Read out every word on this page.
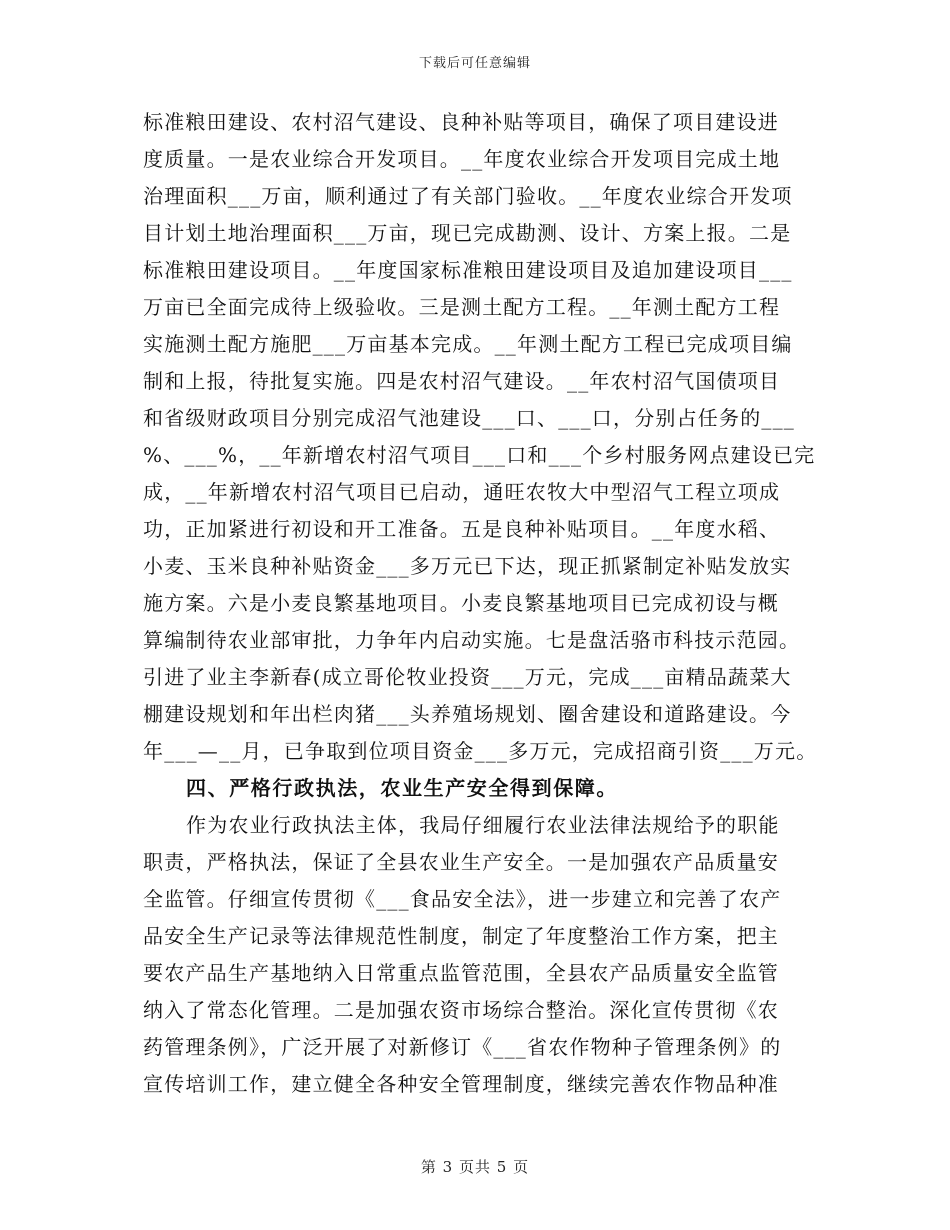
下载后可任意编辑
标准粮田建设、农村沼气建设、良种补贴等项目，确保了项目建设进
度质量。一是农业综合开发项目。__年度农业综合开发项目完成土地
治理面积___万亩，顺利通过了有关部门验收。__年度农业综合开发项
目计划土地治理面积___万亩，现已完成勘测、设计、方案上报。二是
标准粮田建设项目。__年度国家标准粮田建设项目及追加建设项目___
万亩已全面完成待上级验收。三是测土配方工程。__年测土配方工程
实施测土配方施肥___万亩基本完成。__年测土配方工程已完成项目编
制和上报，待批复实施。四是农村沼气建设。__年农村沼气国债项目
和省级财政项目分别完成沼气池建设___口、___口，分别占任务的___
%、___%，__年新增农村沼气项目___口和___个乡村服务网点建设已完
成，__年新增农村沼气项目已启动，通旺农牧大中型沼气工程立项成
功，正加紧进行初设和开工准备。五是良种补贴项目。__年度水稻、
小麦、玉米良种补贴资金___多万元已下达，现正抓紧制定补贴发放实
施方案。六是小麦良繁基地项目。小麦良繁基地项目已完成初设与概
算编制待农业部审批，力争年内启动实施。七是盘活骆市科技示范园。
引进了业主李新春(成立哥伦牧业投资___万元，完成___亩精品蔬菜大
棚建设规划和年出栏肉猪___头养殖场规划、圈舍建设和道路建设。今
年___—__月，已争取到位项目资金___多万元，完成招商引资___万元。
四、严格行政执法，农业生产安全得到保障。
作为农业行政执法主体，我局仔细履行农业法律法规给予的职能
职责，严格执法，保证了全县农业生产安全。一是加强农产品质量安
全监管。仔细宣传贯彻《___食品安全法》，进一步建立和完善了农产
品安全生产记录等法律规范性制度，制定了年度整治工作方案，把主
要农产品生产基地纳入日常重点监管范围，全县农产品质量安全监管
纳入了常态化管理。二是加强农资市场综合整治。深化宣传贯彻《农
药管理条例》，广泛开展了对新修订《___省农作物种子管理条例》的
宣传培训工作，建立健全各种安全管理制度，继续完善农作物品种准
第 3 页共 5 页
